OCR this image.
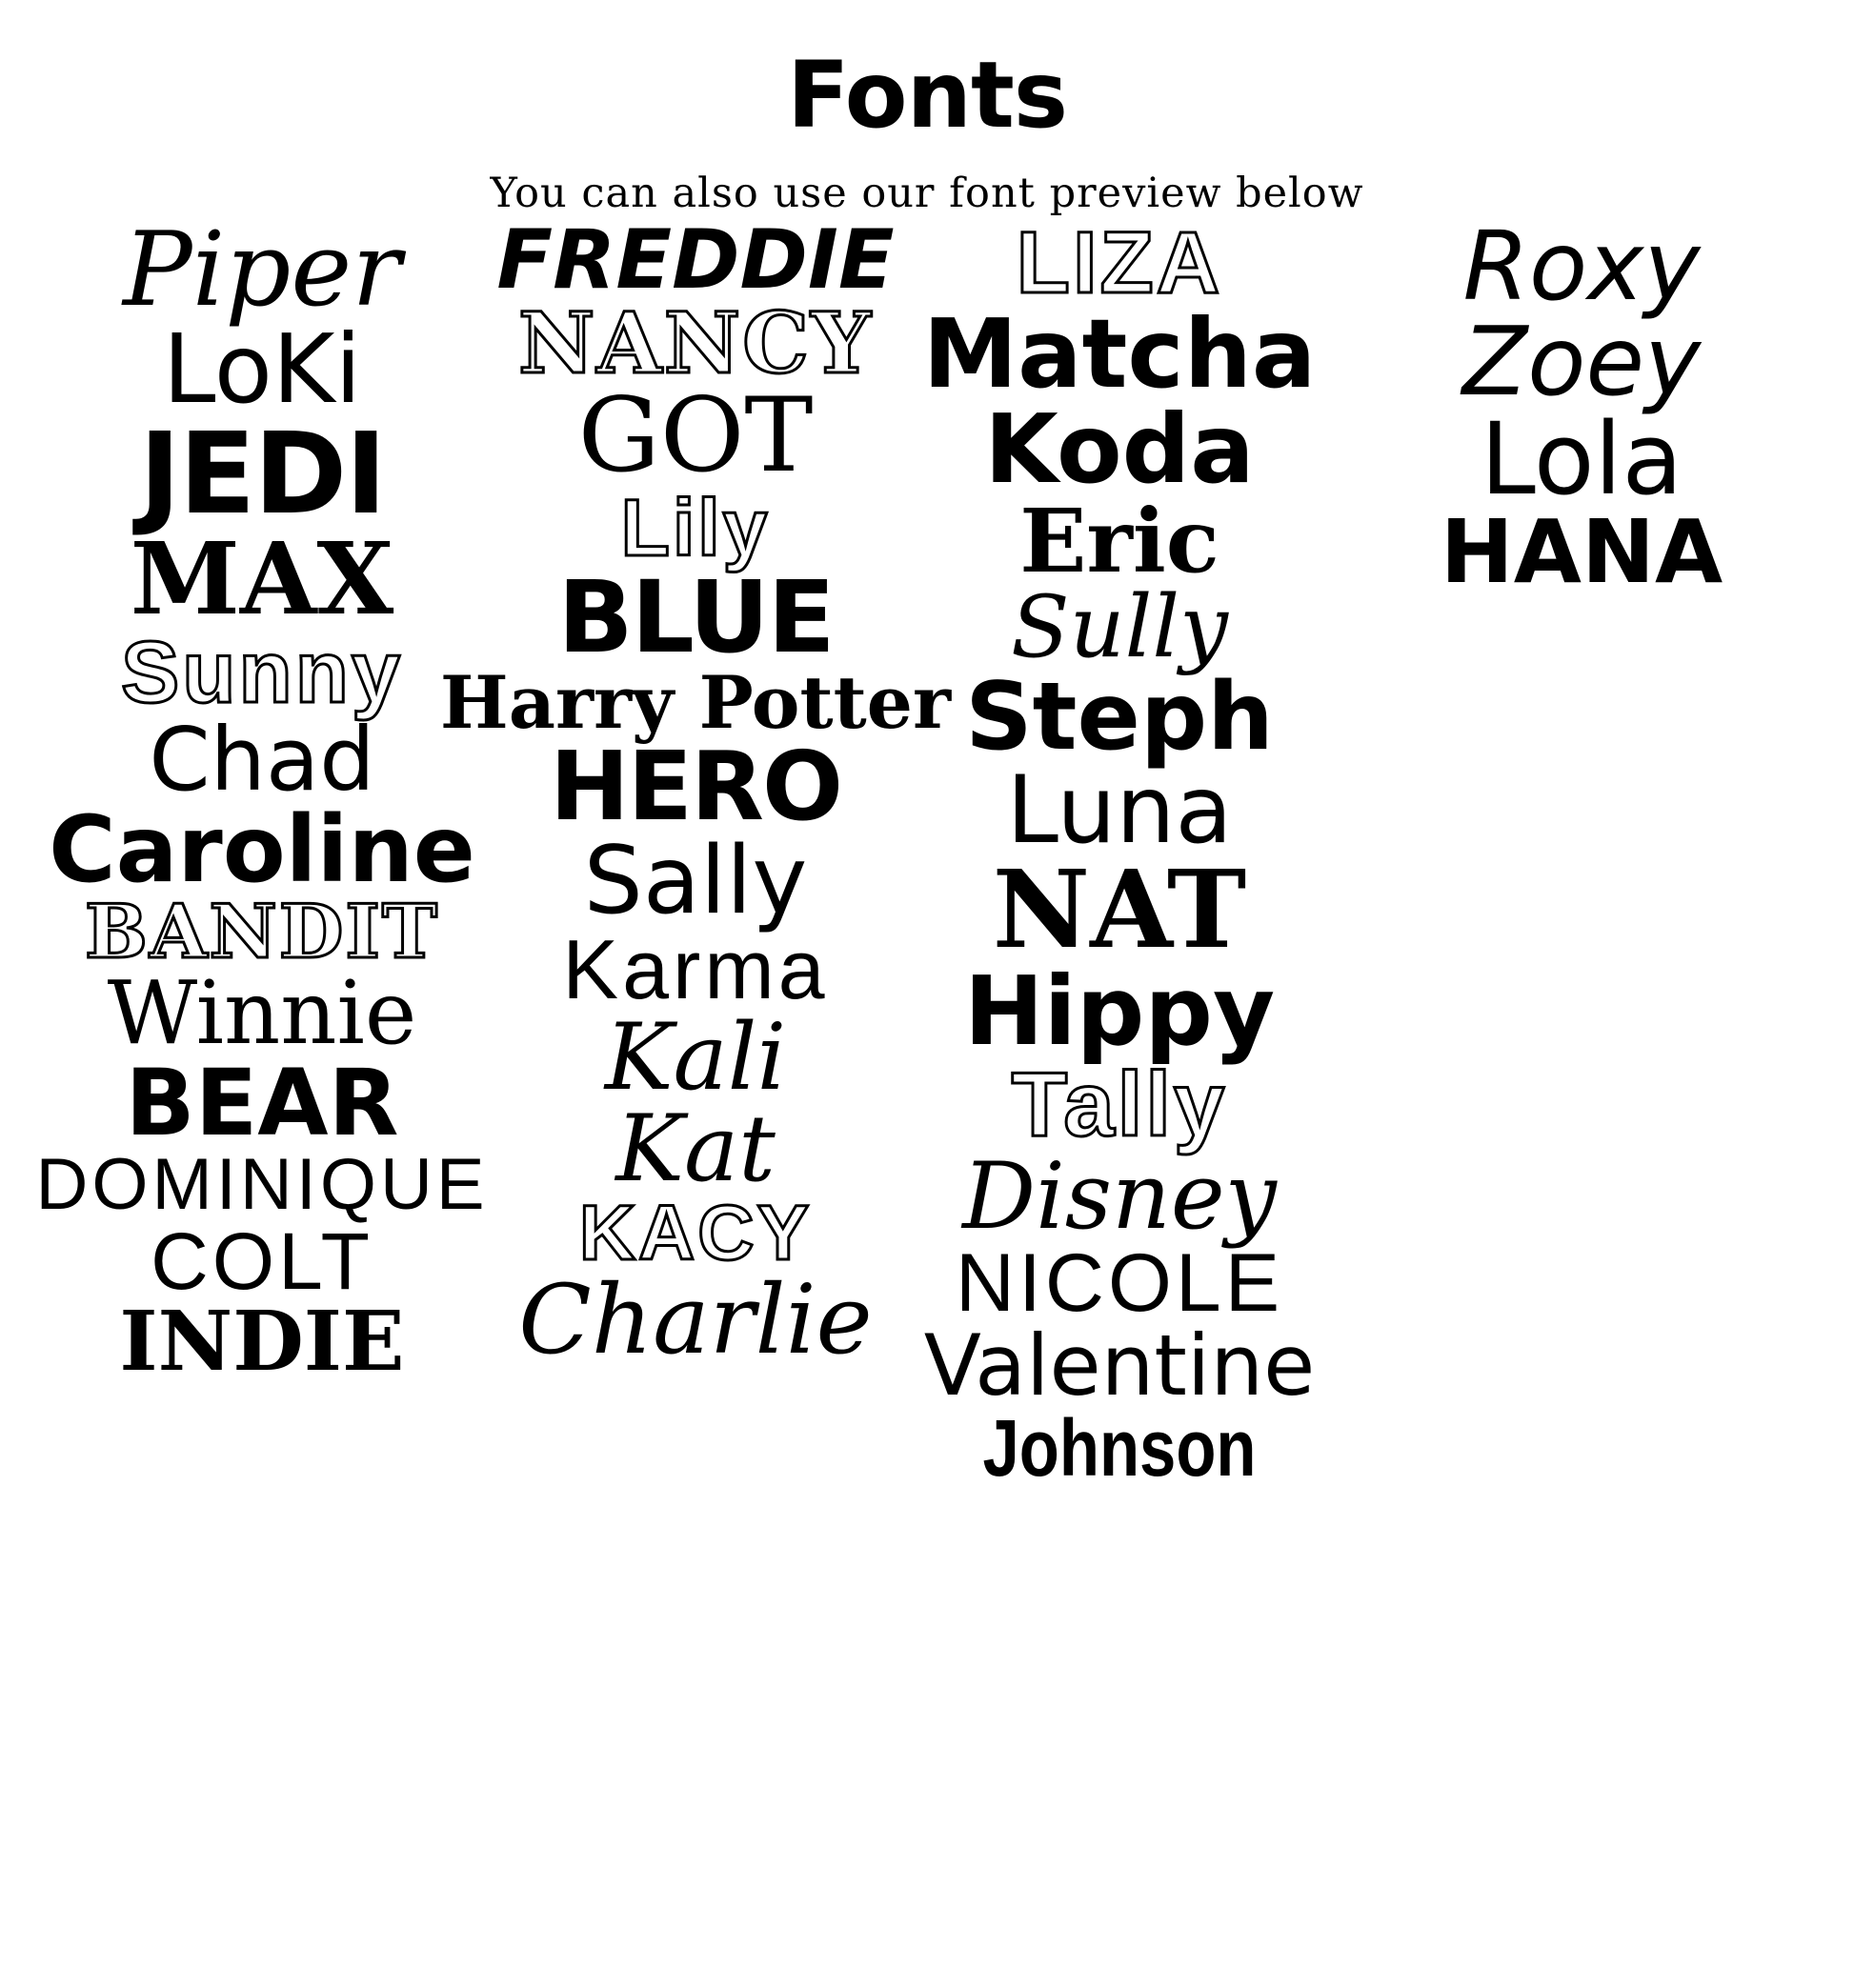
Fonts
You can also use our font preview below
Piper
LoKi
JEDI
MAX
Sunny
Chad
Caroline
BANDIT
Winnie
BEAR
DOMINIQUE
COLT
INDIE
FREDDIE
NANCY
GOT
Lily
BLUE
Harry Potter
HERO
Sally
Karma
Kali
Kat
KACY
Charlie
LIZA
Matcha
Koda
Eric
Sully
Steph
Luna
NAT
Hippy
Tally
Disney
NICOLE
Valentine
Johnson
Roxy
Zoey
Lola
HANA
